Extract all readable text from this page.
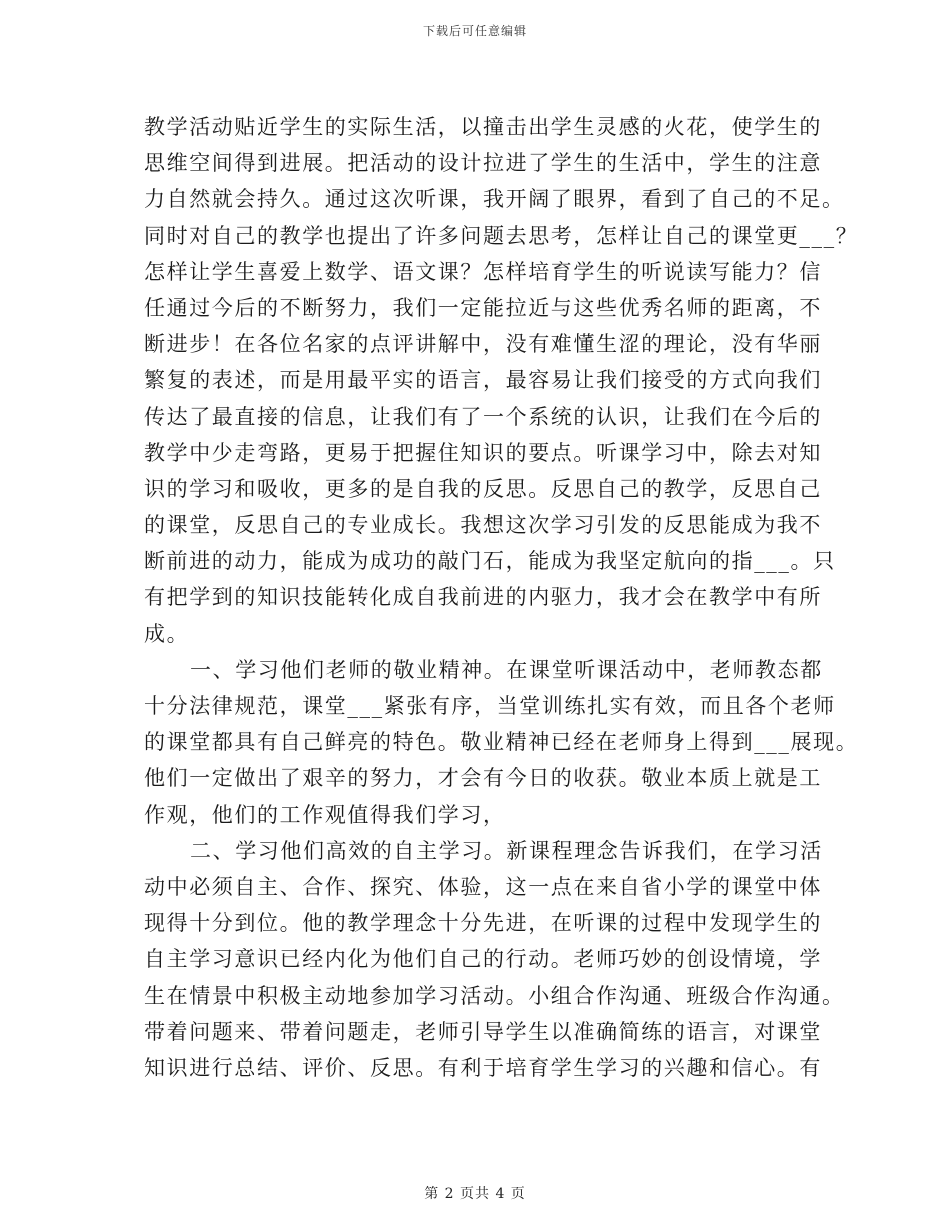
下载后可任意编辑
教学活动贴近学生的实际生活，以撞击出学生灵感的火花，使学生的
思维空间得到进展。把活动的设计拉进了学生的生活中，学生的注意
力自然就会持久。通过这次听课，我开阔了眼界，看到了自己的不足。
同时对自己的教学也提出了许多问题去思考，怎样让自己的课堂更___？
怎样让学生喜爱上数学、语文课？怎样培育学生的听说读写能力？信
任通过今后的不断努力，我们一定能拉近与这些优秀名师的距离，不
断进步！在各位名家的点评讲解中，没有难懂生涩的理论，没有华丽
繁复的表述，而是用最平实的语言，最容易让我们接受的方式向我们
传达了最直接的信息，让我们有了一个系统的认识，让我们在今后的
教学中少走弯路，更易于把握住知识的要点。听课学习中，除去对知
识的学习和吸收，更多的是自我的反思。反思自己的教学，反思自己
的课堂，反思自己的专业成长。我想这次学习引发的反思能成为我不
断前进的动力，能成为成功的敲门石，能成为我坚定航向的指___。只
有把学到的知识技能转化成自我前进的内驱力，我才会在教学中有所
成。
一、学习他们老师的敬业精神。在课堂听课活动中，老师教态都
十分法律规范，课堂___紧张有序，当堂训练扎实有效，而且各个老师
的课堂都具有自己鲜亮的特色。敬业精神已经在老师身上得到___展现。
他们一定做出了艰辛的努力，才会有今日的收获。敬业本质上就是工
作观，他们的工作观值得我们学习，
二、学习他们高效的自主学习。新课程理念告诉我们，在学习活
动中必须自主、合作、探究、体验，这一点在来自省小学的课堂中体
现得十分到位。他的教学理念十分先进，在听课的过程中发现学生的
自主学习意识已经内化为他们自己的行动。老师巧妙的创设情境，学
生在情景中积极主动地参加学习活动。小组合作沟通、班级合作沟通。
带着问题来、带着问题走，老师引导学生以准确简练的语言，对课堂
知识进行总结、评价、反思。有利于培育学生学习的兴趣和信心。有
第 2 页共 4 页
